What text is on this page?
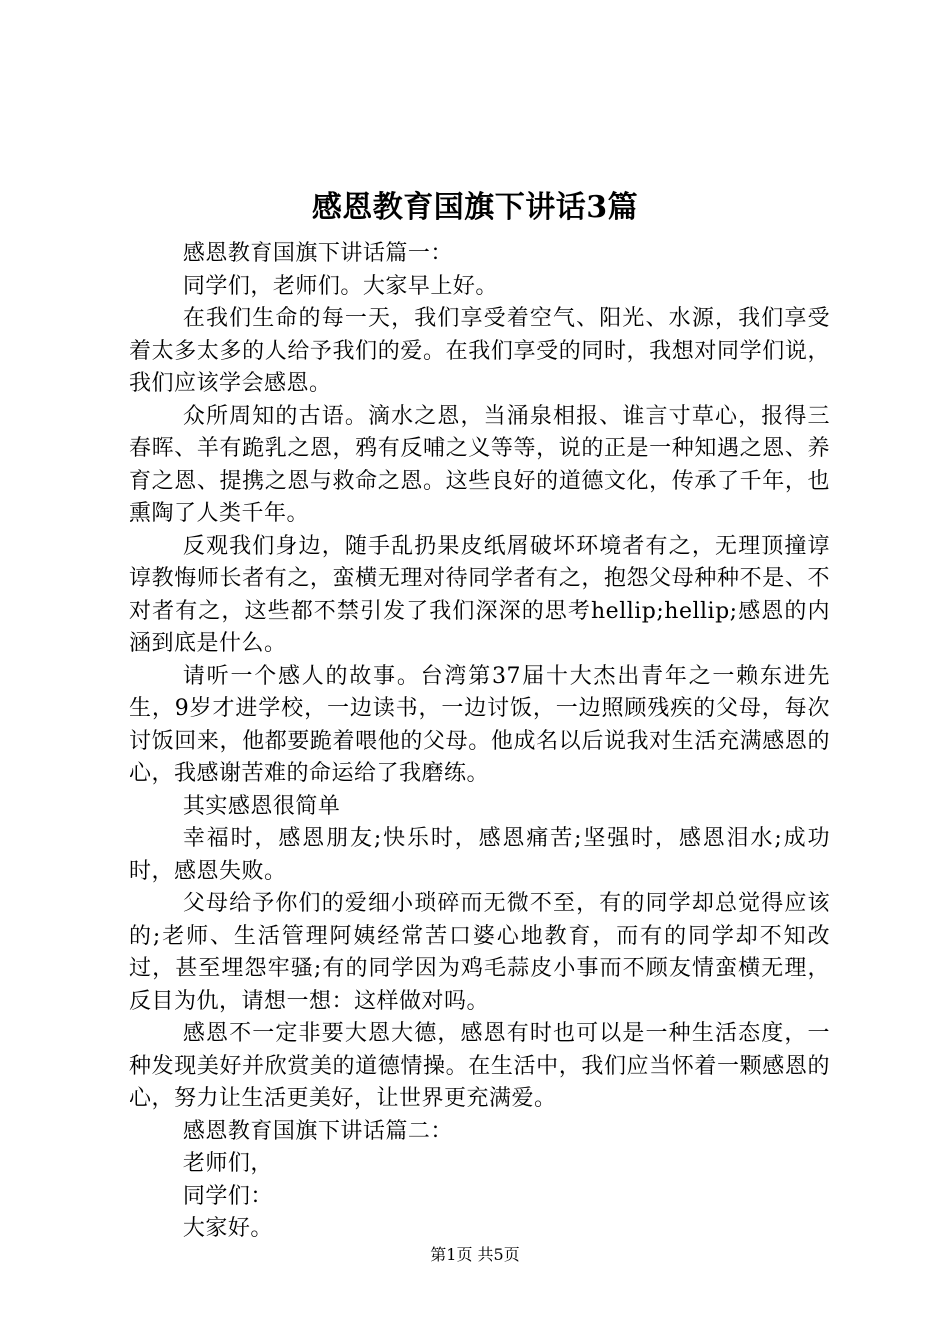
感恩教育国旗下讲话3篇

感恩教育国旗下讲话篇一：

同学们，老师们。大家早上好。

在我们生命的每一天，我们享受着空气、阳光、水源，我们享受着太多太多的人给予我们的爱。在我们享受的同时，我想对同学们说，我们应该学会感恩。

众所周知的古语。滴水之恩，当涌泉相报、谁言寸草心，报得三春晖、羊有跪乳之恩，鸦有反哺之义等等，说的正是一种知遇之恩、养育之恩、提携之恩与救命之恩。这些良好的道德文化，传承了千年，也熏陶了人类千年。

反观我们身边，随手乱扔果皮纸屑破坏环境者有之，无理顶撞谆谆教悔师长者有之，蛮横无理对待同学者有之，抱怨父母种种不是、不对者有之，这些都不禁引发了我们深深的思考hellip;hellip;感恩的内涵到底是什么。

请听一个感人的故事。台湾第37届十大杰出青年之一赖东进先生，9岁才进学校，一边读书，一边讨饭，一边照顾残疾的父母，每次讨饭回来，他都要跪着喂他的父母。他成名以后说我对生活充满感恩的心，我感谢苦难的命运给了我磨练。

其实感恩很简单

幸福时，感恩朋友;快乐时，感恩痛苦;坚强时，感恩泪水;成功时，感恩失败。

父母给予你们的爱细小琐碎而无微不至，有的同学却总觉得应该的;老师、生活管理阿姨经常苦口婆心地教育，而有的同学却不知改过，甚至埋怨牢骚;有的同学因为鸡毛蒜皮小事而不顾友情蛮横无理，反目为仇，请想一想：这样做对吗。

感恩不一定非要大恩大德，感恩有时也可以是一种生活态度，一种发现美好并欣赏美的道德情操。在生活中，我们应当怀着一颗感恩的心，努力让生活更美好，让世界更充满爱。

感恩教育国旗下讲话篇二：

老师们，

同学们：

大家好。

第1页 共5页
